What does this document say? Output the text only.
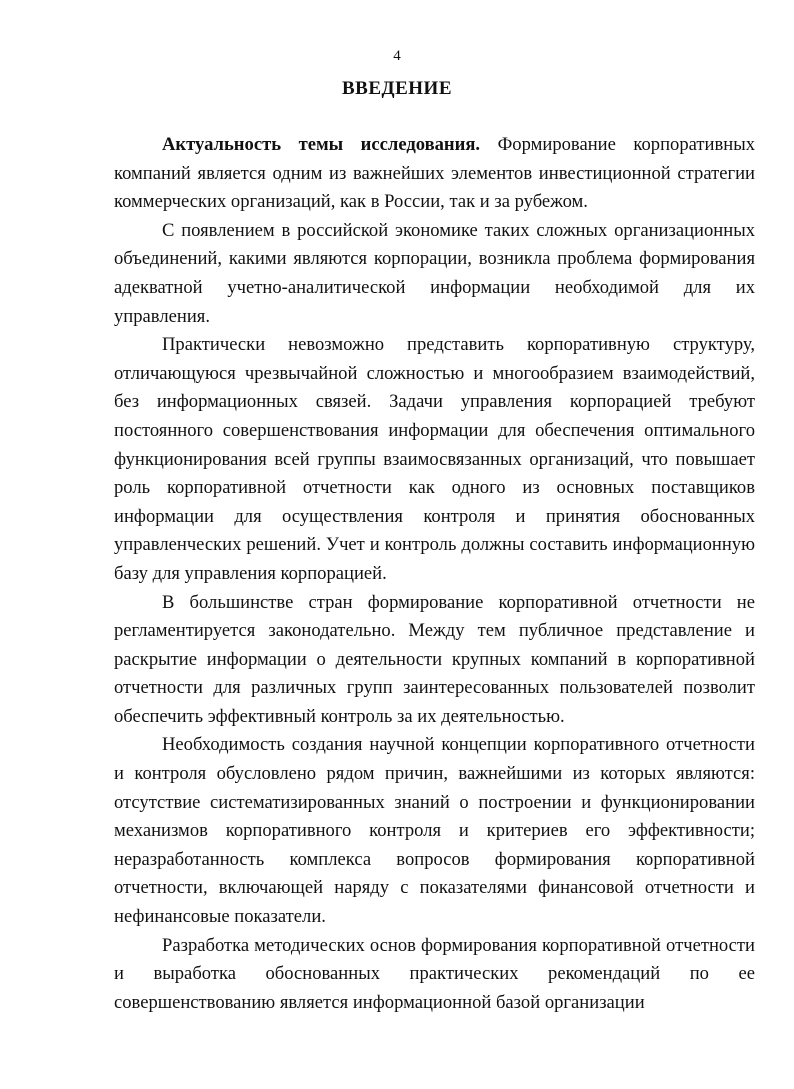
4
ВВЕДЕНИЕ

Актуальность темы исследования. Формирование корпоративных компаний является одним из важнейших элементов инвестиционной стратегии коммерческих организаций, как в России, так и за рубежом.

С появлением в российской экономике таких сложных организационных объединений, какими являются корпорации, возникла проблема формирования адекватной учетно-аналитической информации необходимой для их управления.

Практически невозможно представить корпоративную структуру, отличающуюся чрезвычайной сложностью и многообразием взаимодействий, без информационных связей. Задачи управления корпорацией требуют постоянного совершенствования информации для обеспечения оптимального функционирования всей группы взаимосвязанных организаций, что повышает роль корпоративной отчетности как одного из основных поставщиков информации для осуществления контроля и принятия обоснованных управленческих решений. Учет и контроль должны составить информационную базу для управления корпорацией.

В большинстве стран формирование корпоративной отчетности не регламентируется законодательно. Между тем публичное представление и раскрытие информации о деятельности крупных компаний в корпоративной отчетности для различных групп заинтересованных пользователей позволит обеспечить эффективный контроль за их деятельностью.

Необходимость создания научной концепции корпоративного отчетности и контроля обусловлено рядом причин, важнейшими из которых являются: отсутствие систематизированных знаний о построении и функционировании механизмов корпоративного контроля и критериев его эффективности; неразработанность комплекса вопросов формирования корпоративной отчетности, включающей наряду с показателями финансовой отчетности и нефинансовые показатели.

Разработка методических основ формирования корпоративной отчетности и выработка обоснованных практических рекомендаций по ее совершенствованию является информационной базой организации
